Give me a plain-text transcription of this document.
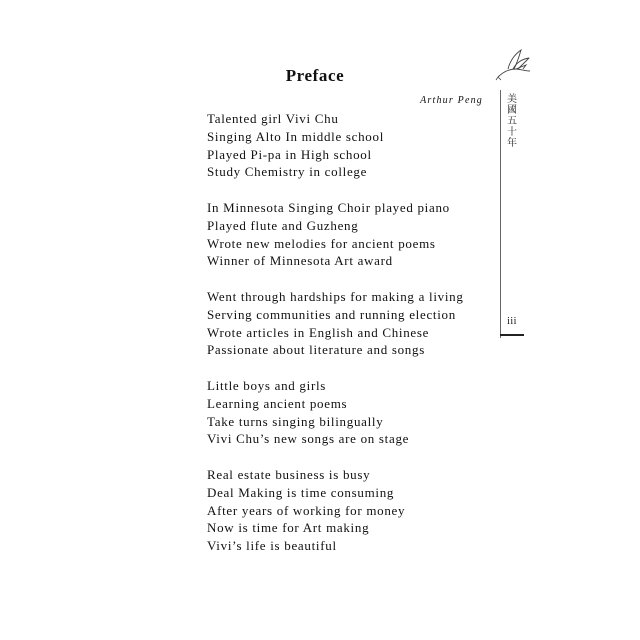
Preface
Arthur Peng
Talented girl Vivi Chu
Singing Alto In middle school
Played Pi-pa in High school
Study Chemistry in college
In Minnesota Singing Choir played piano
Played flute and Guzheng
Wrote new melodies for ancient poems
Winner of Minnesota Art award
Went through hardships for making a living
Serving communities and running election
Wrote articles in English and Chinese
Passionate about literature and songs
Little boys and girls
Learning ancient poems
Take turns singing bilingually
Vivi Chu’s new songs are on stage
Real estate business is busy
Deal Making is time consuming
After years of working for money
Now is time for Art making
Vivi’s life is beautiful
美國五十年
iii
